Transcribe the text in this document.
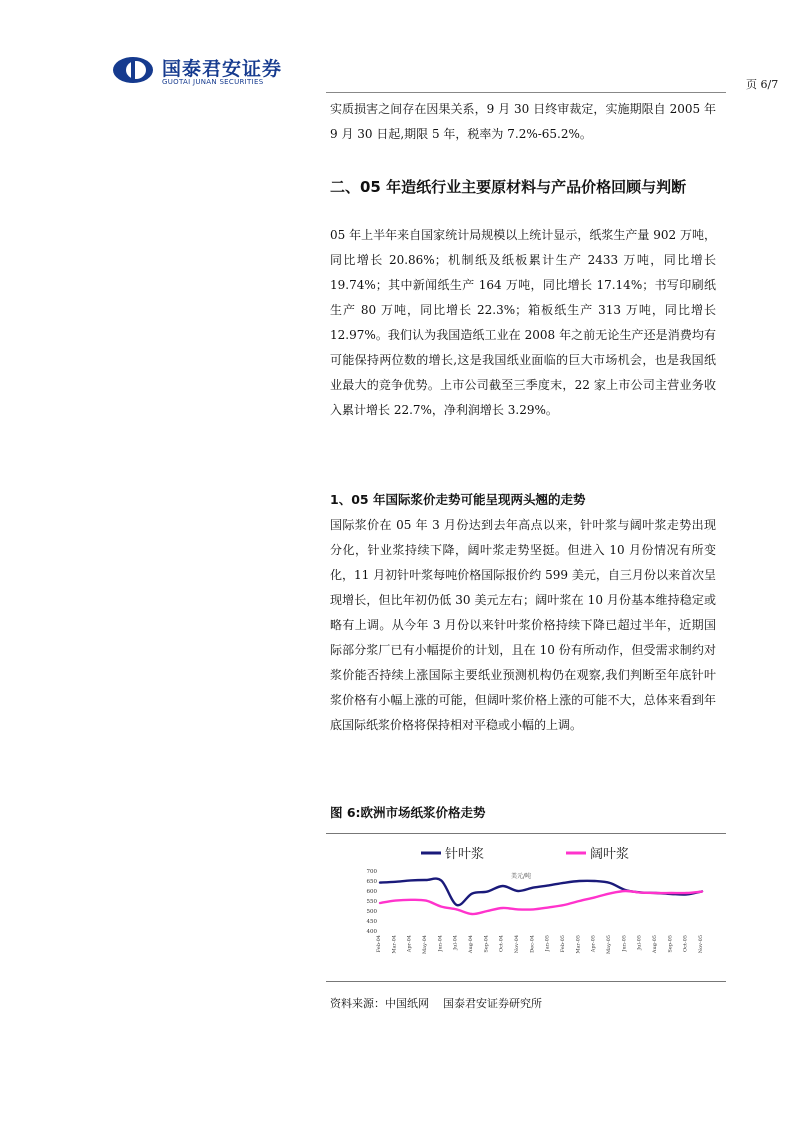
国泰君安证券
GUOTAI JUNAN SECURITIES	页 6/7

实质损害之间存在因果关系，9 月 30 日终审裁定，实施期限自 2005 年 9 月 30 日起,期限 5 年，税率为 7.2%-65.2%。

二、05 年造纸行业主要原材料与产品价格回顾与判断

05 年上半年来自国家统计局规模以上统计显示，纸浆生产量 902 万吨，同比增长 20.86%；机制纸及纸板累计生产 2433 万吨，同比增长 19.74%；其中新闻纸生产 164 万吨，同比增长 17.14%；书写印刷纸生产 80 万吨，同比增长 22.3%；箱板纸生产 313 万吨，同比增长 12.97%。我们认为我国造纸工业在 2008 年之前无论生产还是消费均有可能保持两位数的增长,这是我国纸业面临的巨大市场机会，也是我国纸业最大的竞争优势。上市公司截至三季度末，22 家上市公司主营业务收入累计增长 22.7%，净利润增长 3.29%。

1、05 年国际浆价走势可能呈现两头翘的走势

国际浆价在 05 年 3 月份达到去年高点以来，针叶浆与阔叶浆走势出现分化，针业浆持续下降，阔叶浆走势坚挺。但进入 10 月份情况有所变化，11 月初针叶浆每吨价格国际报价约 599 美元，自三月份以来首次呈现增长，但比年初仍低 30 美元左右；阔叶浆在 10 月份基本维持稳定或略有上调。从今年 3 月份以来针叶浆价格持续下降已超过半年，近期国际部分浆厂已有小幅提价的计划，且在 10 份有所动作，但受需求制约对浆价能否持续上涨国际主要纸业预测机构仍在观察,我们判断至年底针叶浆价格有小幅上涨的可能，但阔叶浆价格上涨的可能不大，总体来看到年底国际纸浆价格将保持相对平稳或小幅的上调。

图 6:欧洲市场纸浆价格走势
针叶浆	阔叶浆
美元/吨
700
650
600
550
500
450
400
Feb-04 Mar-04 Apr-04 May-04 Jun-04 Jul-04 Aug-04 Sep-04 Oct-04 Nov-04 Dec-04 Jan-05 Feb-05 Mar-05 Apr-05 May-05 Jun-05 Jul-05 Aug-05 Sep-05 Oct-05 Nov-05
资料来源：中国纸网    国泰君安证券研究所
